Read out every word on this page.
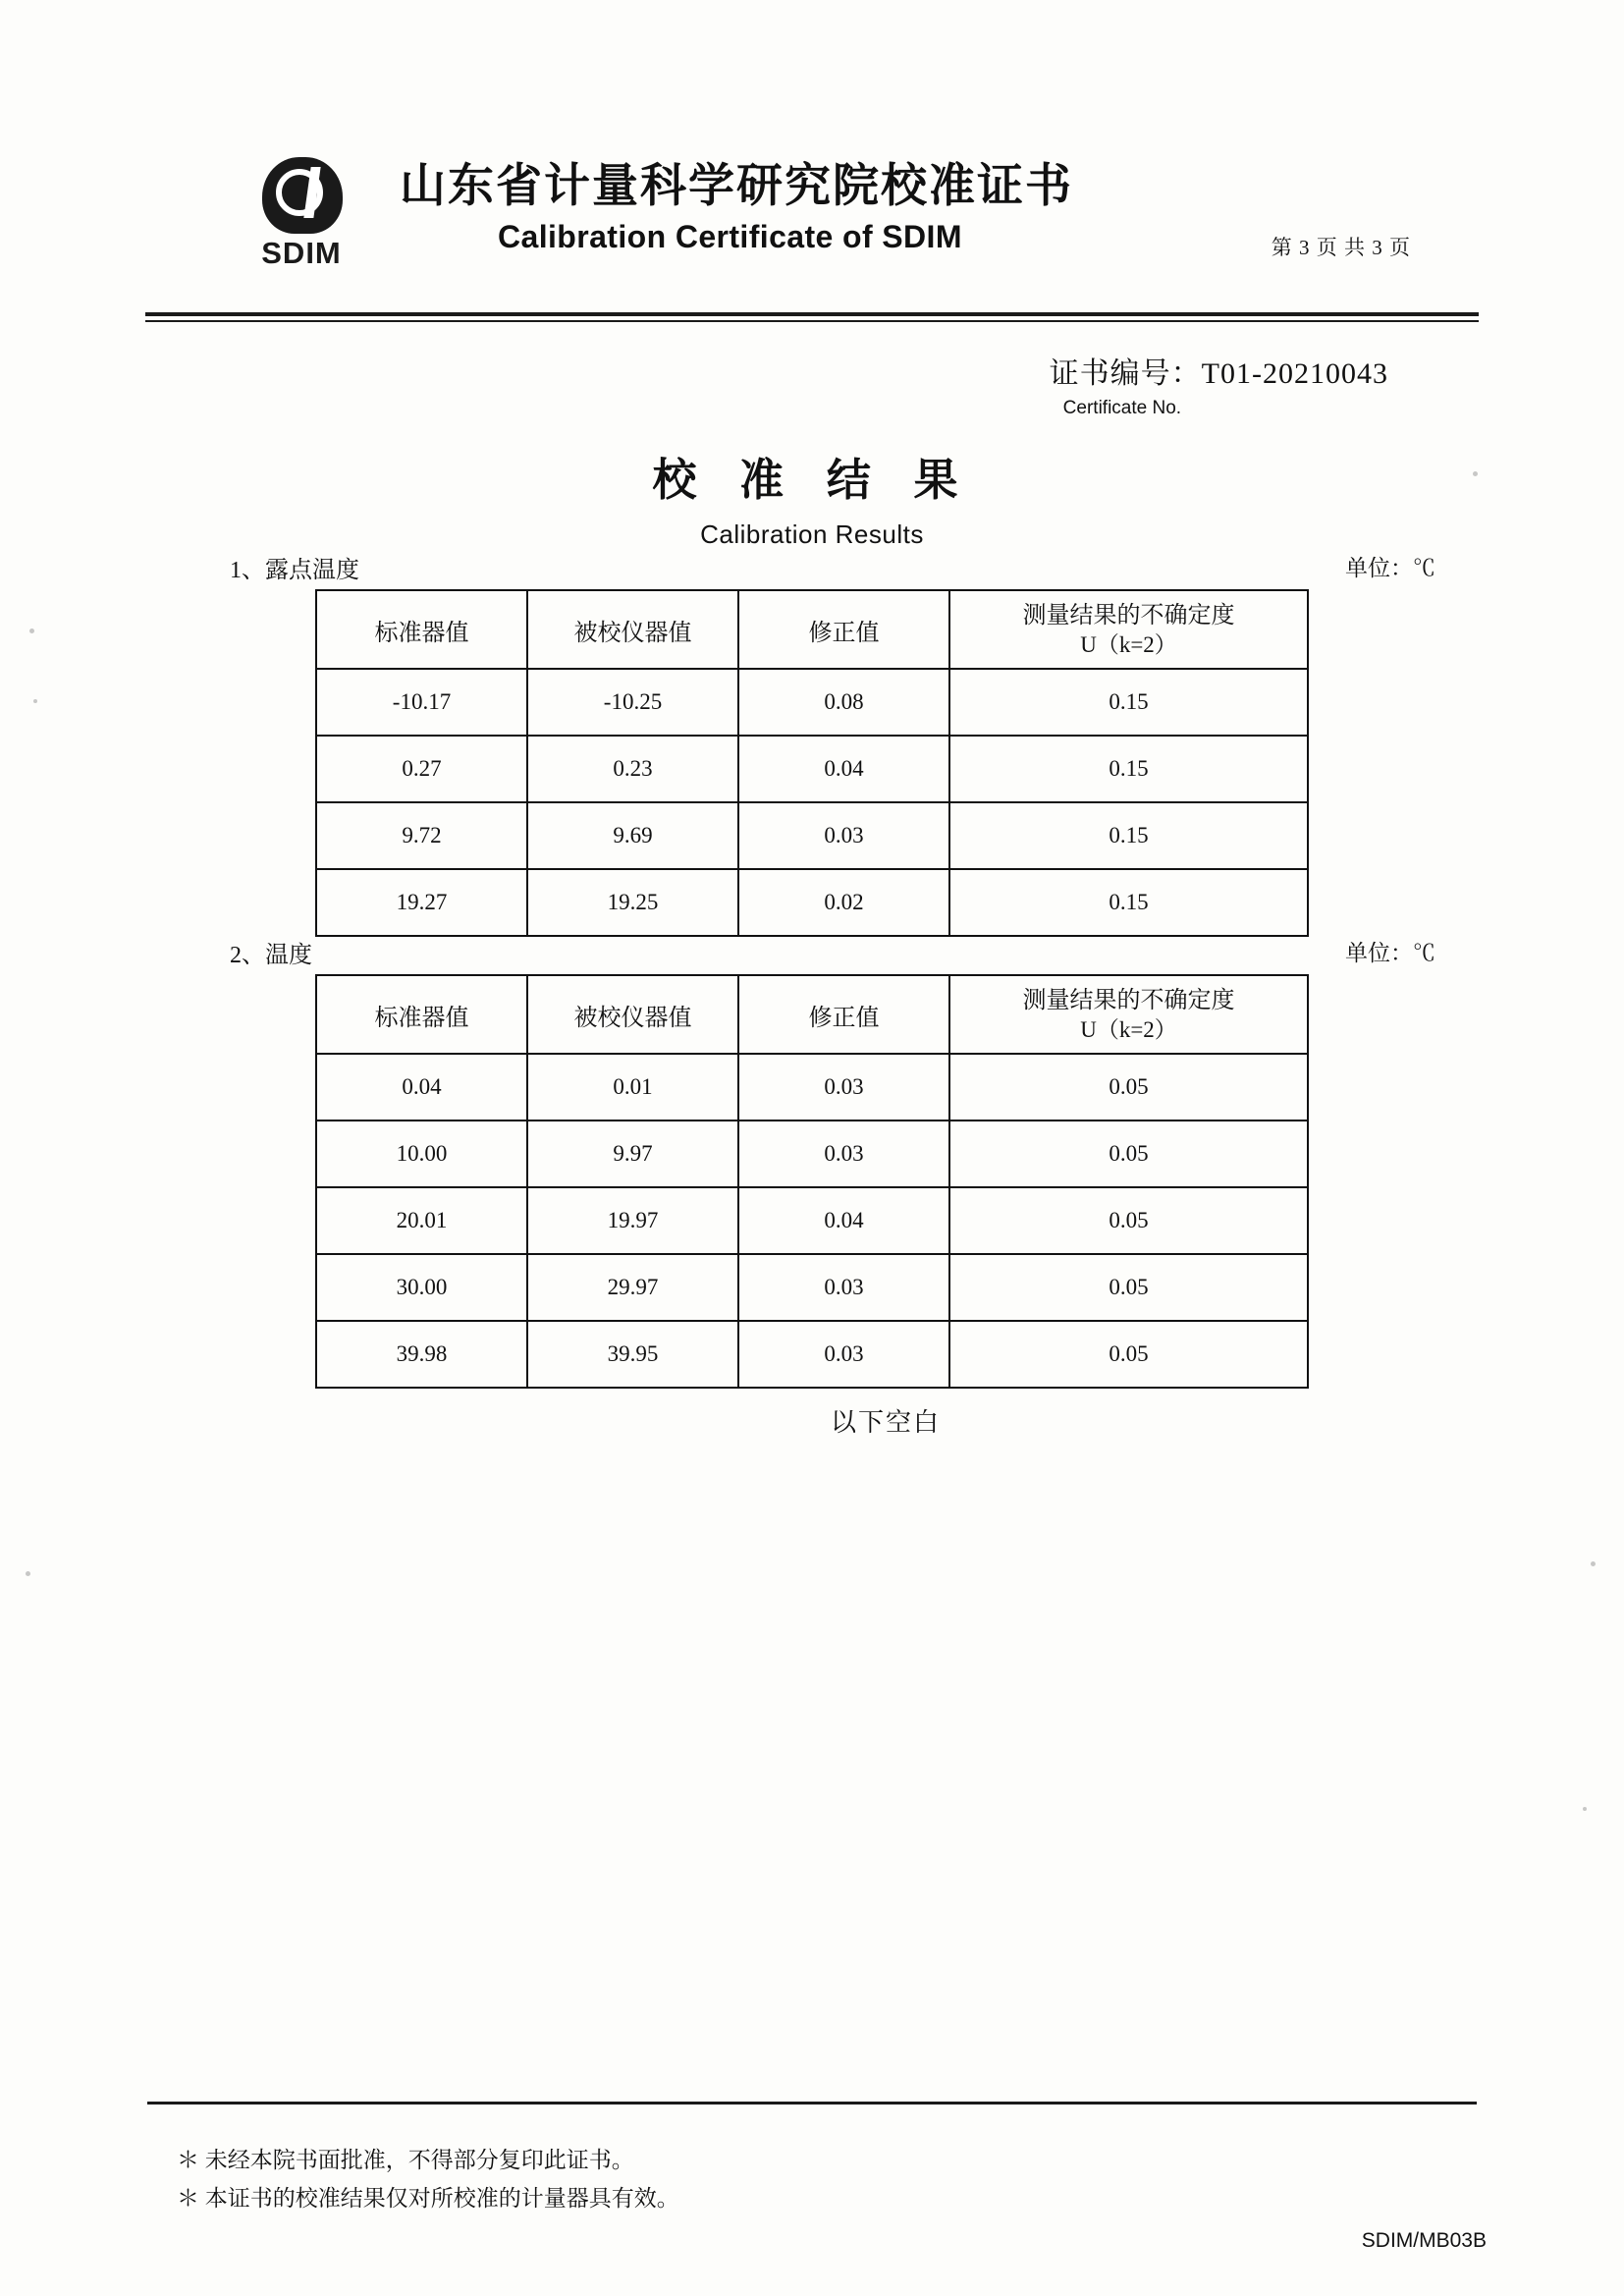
SDIM
山东省计量科学研究院校准证书
Calibration Certificate of SDIM	第 3 页 共 3 页
证书编号：T01-20210043
Certificate No.
校 准 结 果
Calibration Results
1、露点温度	单位：℃
标准器值	被校仪器值	修正值	测量结果的不确定度
U（k=2）

-10.17	-10.25	0.08	0.15
0.27	0.23	0.04	0.15
9.72	9.69	0.03	0.15
19.27	19.25	0.02	0.15
2、温度	单位：℃
标准器值	被校仪器值	修正值	测量结果的不确定度
U（k=2）

0.04	0.01	0.03	0.05
10.00	9.97	0.03	0.05
20.01	19.97	0.04	0.05
30.00	29.97	0.03	0.05
39.98	39.95	0.03	0.05
以下空白
＊ 未经本院书面批准，不得部分复印此证书。
＊ 本证书的校准结果仅对所校准的计量器具有效。
SDIM/MB03B
